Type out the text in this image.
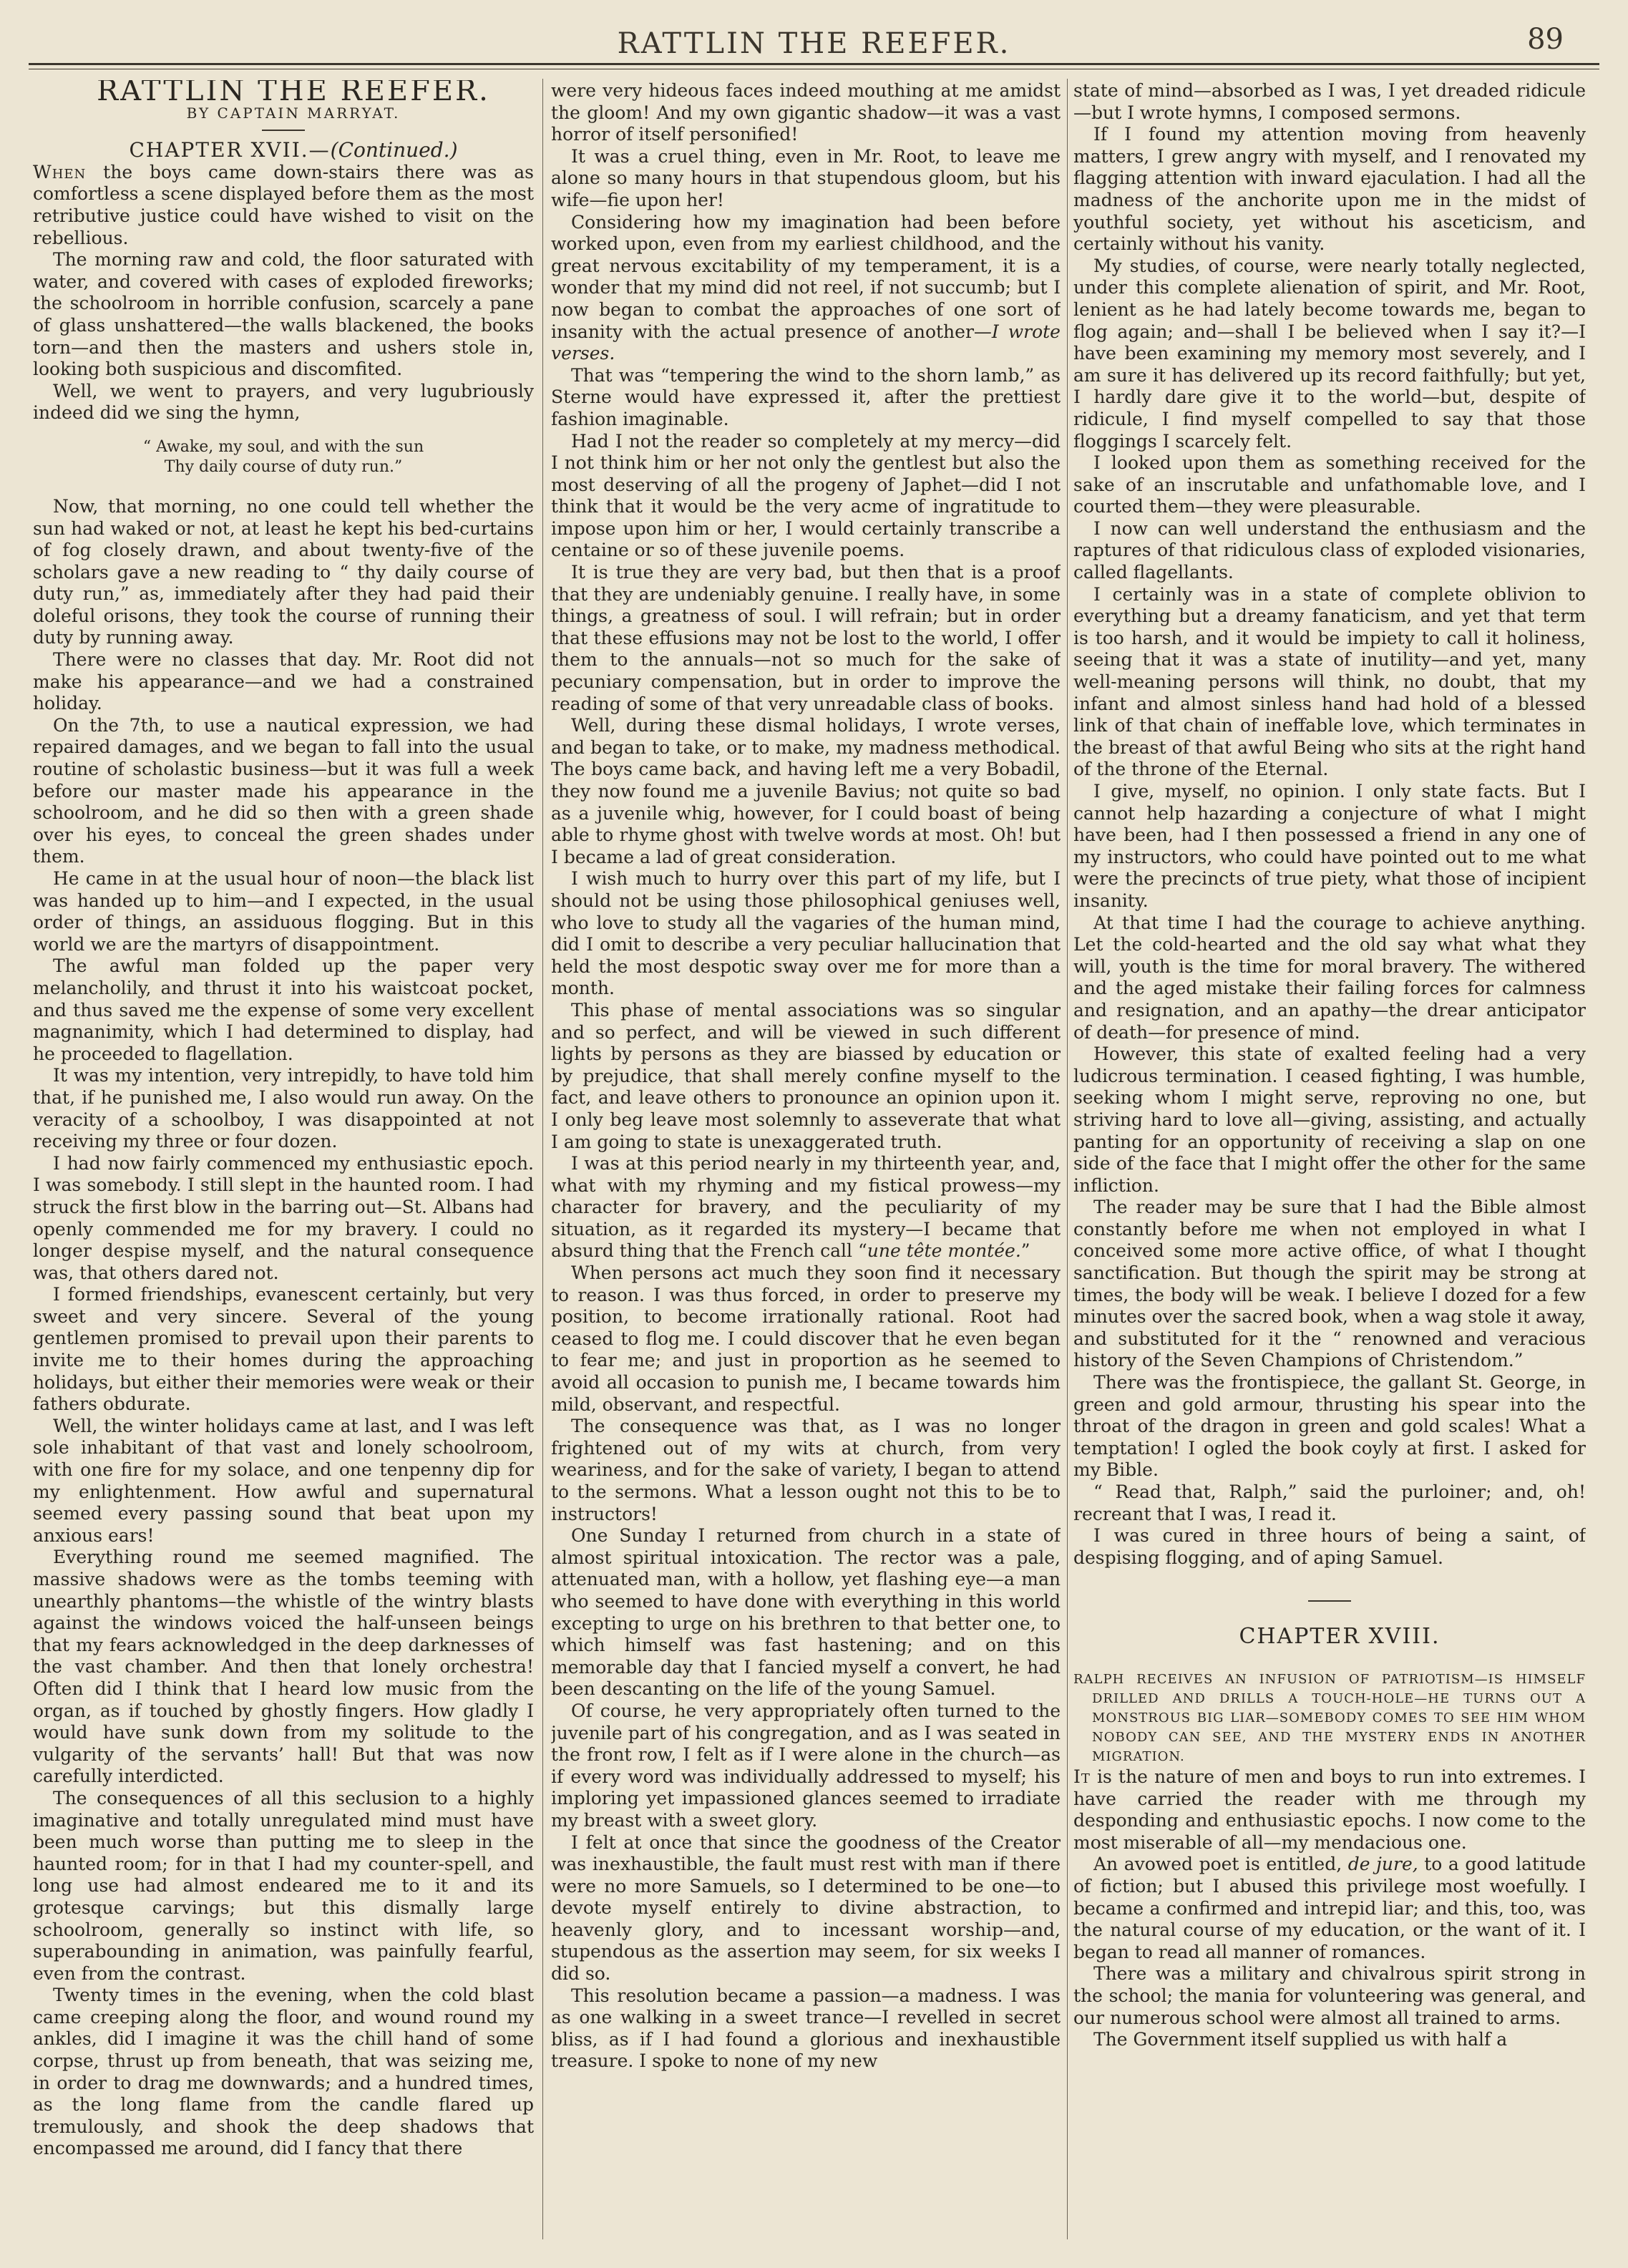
RATTLIN THE REEFER.	89

RATTLIN THE REEFER.

BY CAPTAIN MARRYAT.

CHAPTER XVII.—(Continued.)

When the boys came down-stairs there was as comfortless a scene displayed before them as the most retributive justice could have wished to visit on the rebellious.

The morning raw and cold, the floor saturated with water, and covered with cases of exploded fireworks; the schoolroom in horrible confusion, scarcely a pane of glass unshattered—the walls blackened, the books torn—and then the masters and ushers stole in, looking both suspicious and discomfited.

Well, we went to prayers, and very lugubriously indeed did we sing the hymn,

“ Awake, my soul, and with the sun
Thy daily course of duty run.”

Now, that morning, no one could tell whether the sun had waked or not, at least he kept his bed-curtains of fog closely drawn, and about twenty-five of the scholars gave a new reading to “ thy daily course of duty run,” as, immediately after they had paid their doleful orisons, they took the course of running their duty by running away.

There were no classes that day. Mr. Root did not make his appearance—and we had a constrained holiday.

On the 7th, to use a nautical expression, we had repaired damages, and we began to fall into the usual routine of scholastic business—but it was full a week before our master made his appearance in the schoolroom, and he did so then with a green shade over his eyes, to conceal the green shades under them.

He came in at the usual hour of noon—the black list was handed up to him—and I expected, in the usual order of things, an assiduous flogging. But in this world we are the martyrs of disappointment.

The awful man folded up the paper very melancholily, and thrust it into his waistcoat pocket, and thus saved me the expense of some very excellent magnanimity, which I had determined to display, had he proceeded to flagellation.

It was my intention, very intrepidly, to have told him that, if he punished me, I also would run away. On the veracity of a schoolboy, I was disappointed at not receiving my three or four dozen.

I had now fairly commenced my enthusiastic epoch. I was somebody. I still slept in the haunted room. I had struck the first blow in the barring out—St. Albans had openly commended me for my bravery. I could no longer despise myself, and the natural consequence was, that others dared not.

I formed friendships, evanescent certainly, but very sweet and very sincere. Several of the young gentlemen promised to prevail upon their parents to invite me to their homes during the approaching holidays, but either their memories were weak or their fathers obdurate.

Well, the winter holidays came at last, and I was left sole inhabitant of that vast and lonely schoolroom, with one fire for my solace, and one tenpenny dip for my enlightenment. How awful and supernatural seemed every passing sound that beat upon my anxious ears!

Everything round me seemed magnified. The massive shadows were as the tombs teeming with unearthly phantoms—the whistle of the wintry blasts against the windows voiced the half-unseen beings that my fears acknowledged in the deep darknesses of the vast chamber. And then that lonely orchestra! Often did I think that I heard low music from the organ, as if touched by ghostly fingers. How gladly I would have sunk down from my solitude to the vulgarity of the servants’ hall! But that was now carefully interdicted.

The consequences of all this seclusion to a highly imaginative and totally unregulated mind must have been much worse than putting me to sleep in the haunted room; for in that I had my counter-spell, and long use had almost endeared me to it and its grotesque carvings; but this dismally large schoolroom, generally so instinct with life, so superabounding in animation, was painfully fearful, even from the contrast.

Twenty times in the evening, when the cold blast came creeping along the floor, and wound round my ankles, did I imagine it was the chill hand of some corpse, thrust up from beneath, that was seizing me, in order to drag me downwards; and a hundred times, as the long flame from the candle flared up tremulously, and shook the deep shadows that encompassed me around, did I fancy that there

were very hideous faces indeed mouthing at me amidst the gloom! And my own gigantic shadow—it was a vast horror of itself personified!

It was a cruel thing, even in Mr. Root, to leave me alone so many hours in that stupendous gloom, but his wife—fie upon her!

Considering how my imagination had been before worked upon, even from my earliest childhood, and the great nervous excitability of my temperament, it is a wonder that my mind did not reel, if not succumb; but I now began to combat the approaches of one sort of insanity with the actual presence of another—I wrote verses.

That was “tempering the wind to the shorn lamb,” as Sterne would have expressed it, after the prettiest fashion imaginable.

Had I not the reader so completely at my mercy—did I not think him or her not only the gentlest but also the most deserving of all the progeny of Japhet—did I not think that it would be the very acme of ingratitude to impose upon him or her, I would certainly transcribe a centaine or so of these juvenile poems.

It is true they are very bad, but then that is a proof that they are undeniably genuine. I really have, in some things, a greatness of soul. I will refrain; but in order that these effusions may not be lost to the world, I offer them to the annuals—not so much for the sake of pecuniary compensation, but in order to improve the reading of some of that very unreadable class of books.

Well, during these dismal holidays, I wrote verses, and began to take, or to make, my madness methodical. The boys came back, and having left me a very Bobadil, they now found me a juvenile Bavius; not quite so bad as a juvenile whig, however, for I could boast of being able to rhyme ghost with twelve words at most. Oh! but I became a lad of great consideration.

I wish much to hurry over this part of my life, but I should not be using those philosophical geniuses well, who love to study all the vagaries of the human mind, did I omit to describe a very peculiar hallucination that held the most despotic sway over me for more than a month.

This phase of mental associations was so singular and so perfect, and will be viewed in such different lights by persons as they are biassed by education or by prejudice, that shall merely confine myself to the fact, and leave others to pronounce an opinion upon it. I only beg leave most solemnly to asseverate that what I am going to state is unexaggerated truth.

I was at this period nearly in my thirteenth year, and, what with my rhyming and my fistical prowess—my character for bravery, and the peculiarity of my situation, as it regarded its mystery—I became that absurd thing that the French call “une tête montée.”

When persons act much they soon find it necessary to reason. I was thus forced, in order to preserve my position, to become irrationally rational. Root had ceased to flog me. I could discover that he even began to fear me; and just in proportion as he seemed to avoid all occasion to punish me, I became towards him mild, observant, and respectful.

The consequence was that, as I was no longer frightened out of my wits at church, from very weariness, and for the sake of variety, I began to attend to the sermons. What a lesson ought not this to be to instructors!

One Sunday I returned from church in a state of almost spiritual intoxication. The rector was a pale, attenuated man, with a hollow, yet flashing eye—a man who seemed to have done with everything in this world excepting to urge on his brethren to that better one, to which himself was fast hastening; and on this memorable day that I fancied myself a convert, he had been descanting on the life of the young Samuel.

Of course, he very appropriately often turned to the juvenile part of his congregation, and as I was seated in the front row, I felt as if I were alone in the church—as if every word was individually addressed to myself; his imploring yet impassioned glances seemed to irradiate my breast with a sweet glory.

I felt at once that since the goodness of the Creator was inexhaustible, the fault must rest with man if there were no more Samuels, so I determined to be one—to devote myself entirely to divine abstraction, to heavenly glory, and to incessant worship—and, stupendous as the assertion may seem, for six weeks I did so.

This resolution became a passion—a madness. I was as one walking in a sweet trance—I revelled in secret bliss, as if I had found a glorious and inexhaustible treasure. I spoke to none of my new

state of mind—absorbed as I was, I yet dreaded ridicule—but I wrote hymns, I composed sermons.

If I found my attention moving from heavenly matters, I grew angry with myself, and I renovated my flagging attention with inward ejaculation. I had all the madness of the anchorite upon me in the midst of youthful society, yet without his asceticism, and certainly without his vanity.

My studies, of course, were nearly totally neglected, under this complete alienation of spirit, and Mr. Root, lenient as he had lately become towards me, began to flog again; and—shall I be believed when I say it?—I have been examining my memory most severely, and I am sure it has delivered up its record faithfully; but yet, I hardly dare give it to the world—but, despite of ridicule, I find myself compelled to say that those floggings I scarcely felt.

I looked upon them as something received for the sake of an inscrutable and unfathomable love, and I courted them—they were pleasurable.

I now can well understand the enthusiasm and the raptures of that ridiculous class of exploded visionaries, called flagellants.

I certainly was in a state of complete oblivion to everything but a dreamy fanaticism, and yet that term is too harsh, and it would be impiety to call it holiness, seeing that it was a state of inutility—and yet, many well-meaning persons will think, no doubt, that my infant and almost sinless hand had hold of a blessed link of that chain of ineffable love, which terminates in the breast of that awful Being who sits at the right hand of the throne of the Eternal.

I give, myself, no opinion. I only state facts. But I cannot help hazarding a conjecture of what I might have been, had I then possessed a friend in any one of my instructors, who could have pointed out to me what were the precincts of true piety, what those of incipient insanity.

At that time I had the courage to achieve anything. Let the cold-hearted and the old say what what they will, youth is the time for moral bravery. The withered and the aged mistake their failing forces for calmness and resignation, and an apathy—the drear anticipator of death—for presence of mind.

However, this state of exalted feeling had a very ludicrous termination. I ceased fighting, I was humble, seeking whom I might serve, reproving no one, but striving hard to love all—giving, assisting, and actually panting for an opportunity of receiving a slap on one side of the face that I might offer the other for the same infliction.

The reader may be sure that I had the Bible almost constantly before me when not employed in what I conceived some more active office, of what I thought sanctification. But though the spirit may be strong at times, the body will be weak. I believe I dozed for a few minutes over the sacred book, when a wag stole it away, and substituted for it the “ renowned and veracious history of the Seven Champions of Christendom.”

There was the frontispiece, the gallant St. George, in green and gold armour, thrusting his spear into the throat of the dragon in green and gold scales! What a temptation! I ogled the book coyly at first. I asked for my Bible.

“ Read that, Ralph,” said the purloiner; and, oh! recreant that I was, I read it.

I was cured in three hours of being a saint, of despising flogging, and of aping Samuel.

CHAPTER XVIII.

RALPH RECEIVES AN INFUSION OF PATRIOTISM—IS HIMSELF DRILLED AND DRILLS A TOUCH-HOLE—HE TURNS OUT A MONSTROUS BIG LIAR—SOMEBODY COMES TO SEE HIM WHOM NOBODY CAN SEE, AND THE MYSTERY ENDS IN ANOTHER MIGRATION.

It is the nature of men and boys to run into extremes. I have carried the reader with me through my desponding and enthusiastic epochs. I now come to the most miserable of all—my mendacious one.

An avowed poet is entitled, de jure, to a good latitude of fiction; but I abused this privilege most woefully. I became a confirmed and intrepid liar; and this, too, was the natural course of my education, or the want of it. I began to read all manner of romances.

There was a military and chivalrous spirit strong in the school; the mania for volunteering was general, and our numerous school were almost all trained to arms.

The Government itself supplied us with half a
